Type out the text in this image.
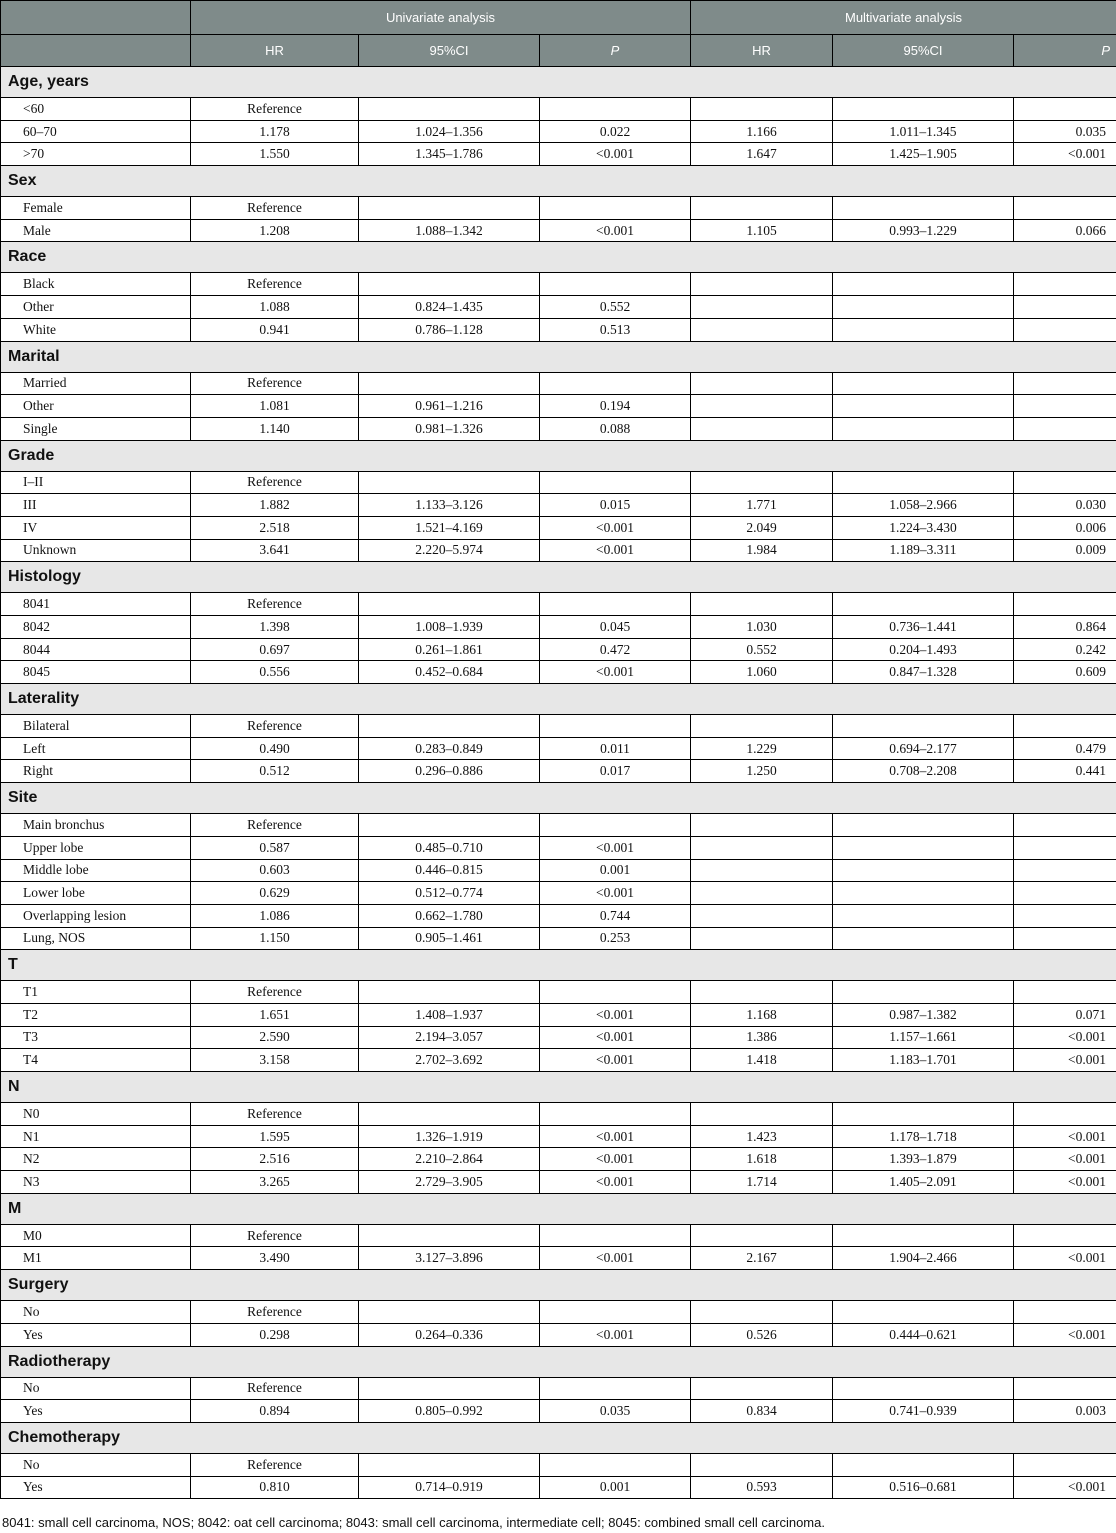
	Univariate analysis			Multivariate analysis		
	HR	95%CI	P	HR	95%CI	P
Age, years						
<60	Reference					
60–70	1.178	1.024–1.356	0.022	1.166	1.011–1.345	0.035
>70	1.550	1.345–1.786	<0.001	1.647	1.425–1.905	<0.001
Sex						
Female	Reference					
Male	1.208	1.088–1.342	<0.001	1.105	0.993–1.229	0.066
Race						
Black	Reference					
Other	1.088	0.824–1.435	0.552			
White	0.941	0.786–1.128	0.513			
Marital						
Married	Reference					
Other	1.081	0.961–1.216	0.194			
Single	1.140	0.981–1.326	0.088			
Grade						
I–II	Reference					
III	1.882	1.133–3.126	0.015	1.771	1.058–2.966	0.030
IV	2.518	1.521–4.169	<0.001	2.049	1.224–3.430	0.006
Unknown	3.641	2.220–5.974	<0.001	1.984	1.189–3.311	0.009
Histology						
8041	Reference					
8042	1.398	1.008–1.939	0.045	1.030	0.736–1.441	0.864
8044	0.697	0.261–1.861	0.472	0.552	0.204–1.493	0.242
8045	0.556	0.452–0.684	<0.001	1.060	0.847–1.328	0.609
Laterality						
Bilateral	Reference					
Left	0.490	0.283–0.849	0.011	1.229	0.694–2.177	0.479
Right	0.512	0.296–0.886	0.017	1.250	0.708–2.208	0.441
Site						
Main bronchus	Reference					
Upper lobe	0.587	0.485–0.710	<0.001			
Middle lobe	0.603	0.446–0.815	0.001			
Lower lobe	0.629	0.512–0.774	<0.001			
Overlapping lesion	1.086	0.662–1.780	0.744			
Lung, NOS	1.150	0.905–1.461	0.253			
T						
T1	Reference					
T2	1.651	1.408–1.937	<0.001	1.168	0.987–1.382	0.071
T3	2.590	2.194–3.057	<0.001	1.386	1.157–1.661	<0.001
T4	3.158	2.702–3.692	<0.001	1.418	1.183–1.701	<0.001
N						
N0	Reference					
N1	1.595	1.326–1.919	<0.001	1.423	1.178–1.718	<0.001
N2	2.516	2.210–2.864	<0.001	1.618	1.393–1.879	<0.001
N3	3.265	2.729–3.905	<0.001	1.714	1.405–2.091	<0.001
M						
M0	Reference					
M1	3.490	3.127–3.896	<0.001	2.167	1.904–2.466	<0.001
Surgery						
No	Reference					
Yes	0.298	0.264–0.336	<0.001	0.526	0.444–0.621	<0.001
Radiotherapy						
No	Reference					
Yes	0.894	0.805–0.992	0.035	0.834	0.741–0.939	0.003
Chemotherapy						
No	Reference					
Yes	0.810	0.714–0.919	0.001	0.593	0.516–0.681	<0.001
8041: small cell carcinoma, NOS; 8042: oat cell carcinoma; 8043: small cell carcinoma, intermediate cell; 8045: combined small cell carcinoma.
